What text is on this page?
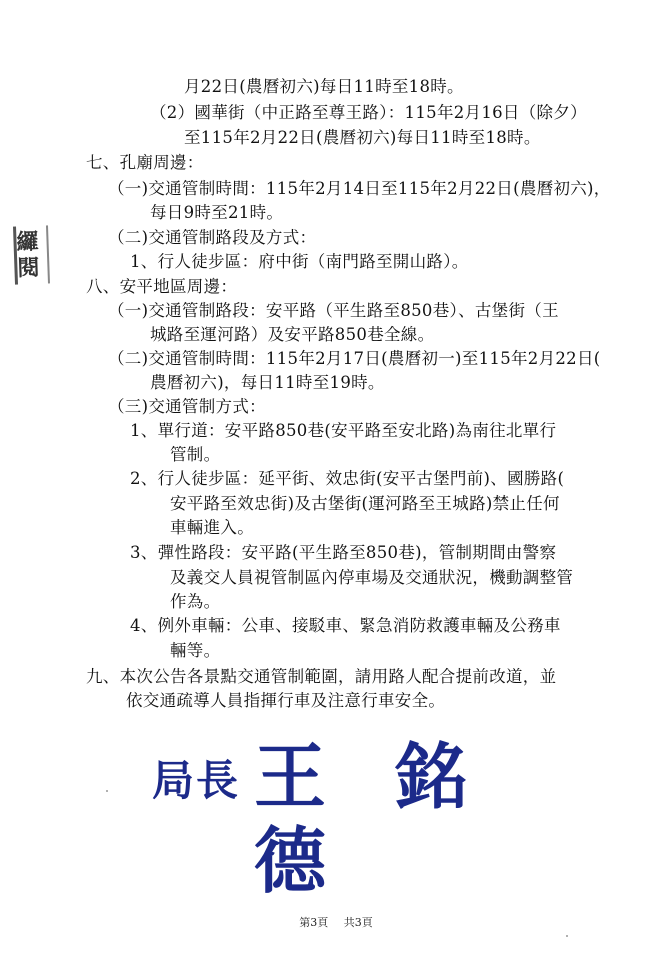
纙閱
月22日(農曆初六)每日11時至18時。
（2）國華街（中正路至尊王路）：115年2月16日（除夕）
至115年2月22日(農曆初六)每日11時至18時。
七、孔廟周邊：
（一)交通管制時間：115年2月14日至115年2月22日(農曆初六)，
每日9時至21時。
（二)交通管制路段及方式：
1、行人徒步區：府中街（南門路至開山路）。
八、安平地區周邊：
（一)交通管制路段：安平路（平生路至850巷）、古堡街（王
城路至運河路）及安平路850巷全線。
（二)交通管制時間：115年2月17日(農曆初一)至115年2月22日(
農曆初六)，每日11時至19時。
（三)交通管制方式：
1、單行道：安平路850巷(安平路至安北路)為南往北單行
管制。
2、行人徒步區：延平街、效忠街(安平古堡門前)、國勝路(
安平路至效忠街)及古堡街(運河路至王城路)禁止任何
車輛進入。
3、彈性路段：安平路(平生路至850巷)，管制期間由警察
及義交人員視管制區內停車場及交通狀況，機動調整管
作為。
4、例外車輛：公車、接駁車、緊急消防救護車輛及公務車
輛等。
九、本次公告各景點交通管制範圍，請用路人配合提前改道，並
依交通疏導人員指揮行車及注意行車安全。
局長 王 銘 德
第3頁 共3頁
